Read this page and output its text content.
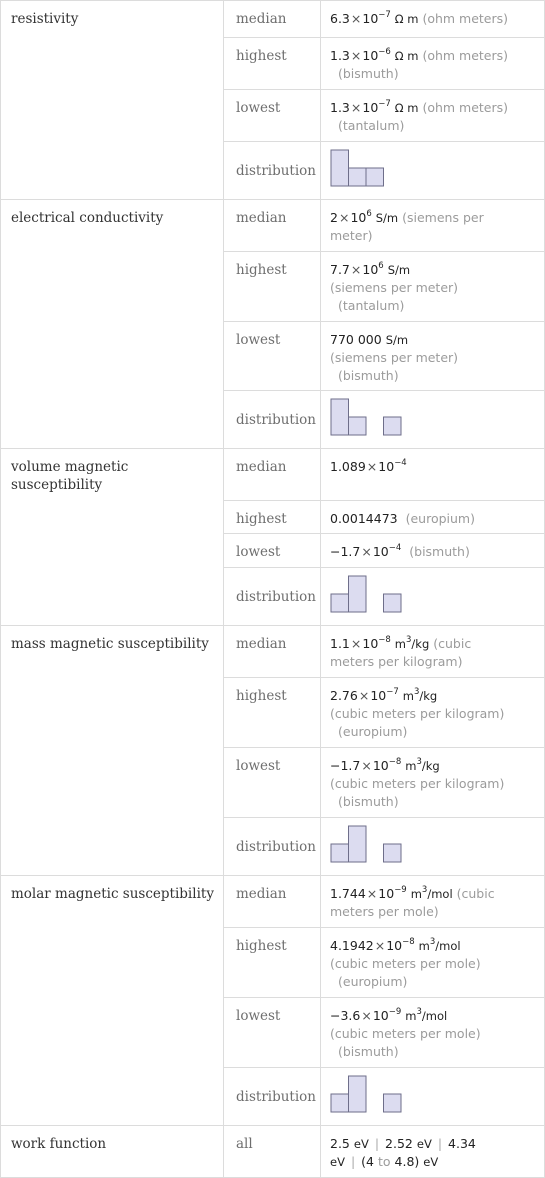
resistivity	median	$6.3\times 10^{-7}$ Ω m (ohm meters)
	highest	$1.3\times 10^{-6}$ Ω m (ohm meters)
(bismuth)
	lowest	$1.3\times 10^{-7}$ Ω m (ohm meters)
(tantalum)
	distribution	

electrical conductivity	median	$2\times 10^6$ S/m (siemens per
meter)
	highest	$7.7\times 10^6$ S/m
(siemens per meter)
(tantalum)
	lowest	770 000 S/m
(siemens per meter)
(bismuth)
	distribution	

volume magnetic
susceptibility	median	$1.089\times 10^{-4}$
	highest	0.0014473 (europium)
	lowest	$-1.7\times 10^{-4}$ (bismuth)
	distribution	

mass magnetic susceptibility	median	$1.1\times 10^{-8}$ $m^3/kg$ (cubic
meters per kilogram)
	highest	$2.76\times 10^{-7}$ $m^3/kg$
(cubic meters per kilogram)
(europium)
	lowest	$-1.7\times 10^{-8}$ $m^3/kg$
(cubic meters per kilogram)
(bismuth)
	distribution	

molar magnetic susceptibility	median	$1.744\times 10^{-9}$ $m^3$/mol (cubic
meters per mole)
	highest	$4.1942\times 10^{-8}$ $m^3$/mol
(cubic meters per mole)
(europium)
	lowest	$-3.6\times 10^{-9}$ $m^3$/mol
(cubic meters per mole)
(bismuth)
	distribution	

work function	all	2.5 eV | 2.52 eV | 4.34
eV | (4 to 4.8) eV
